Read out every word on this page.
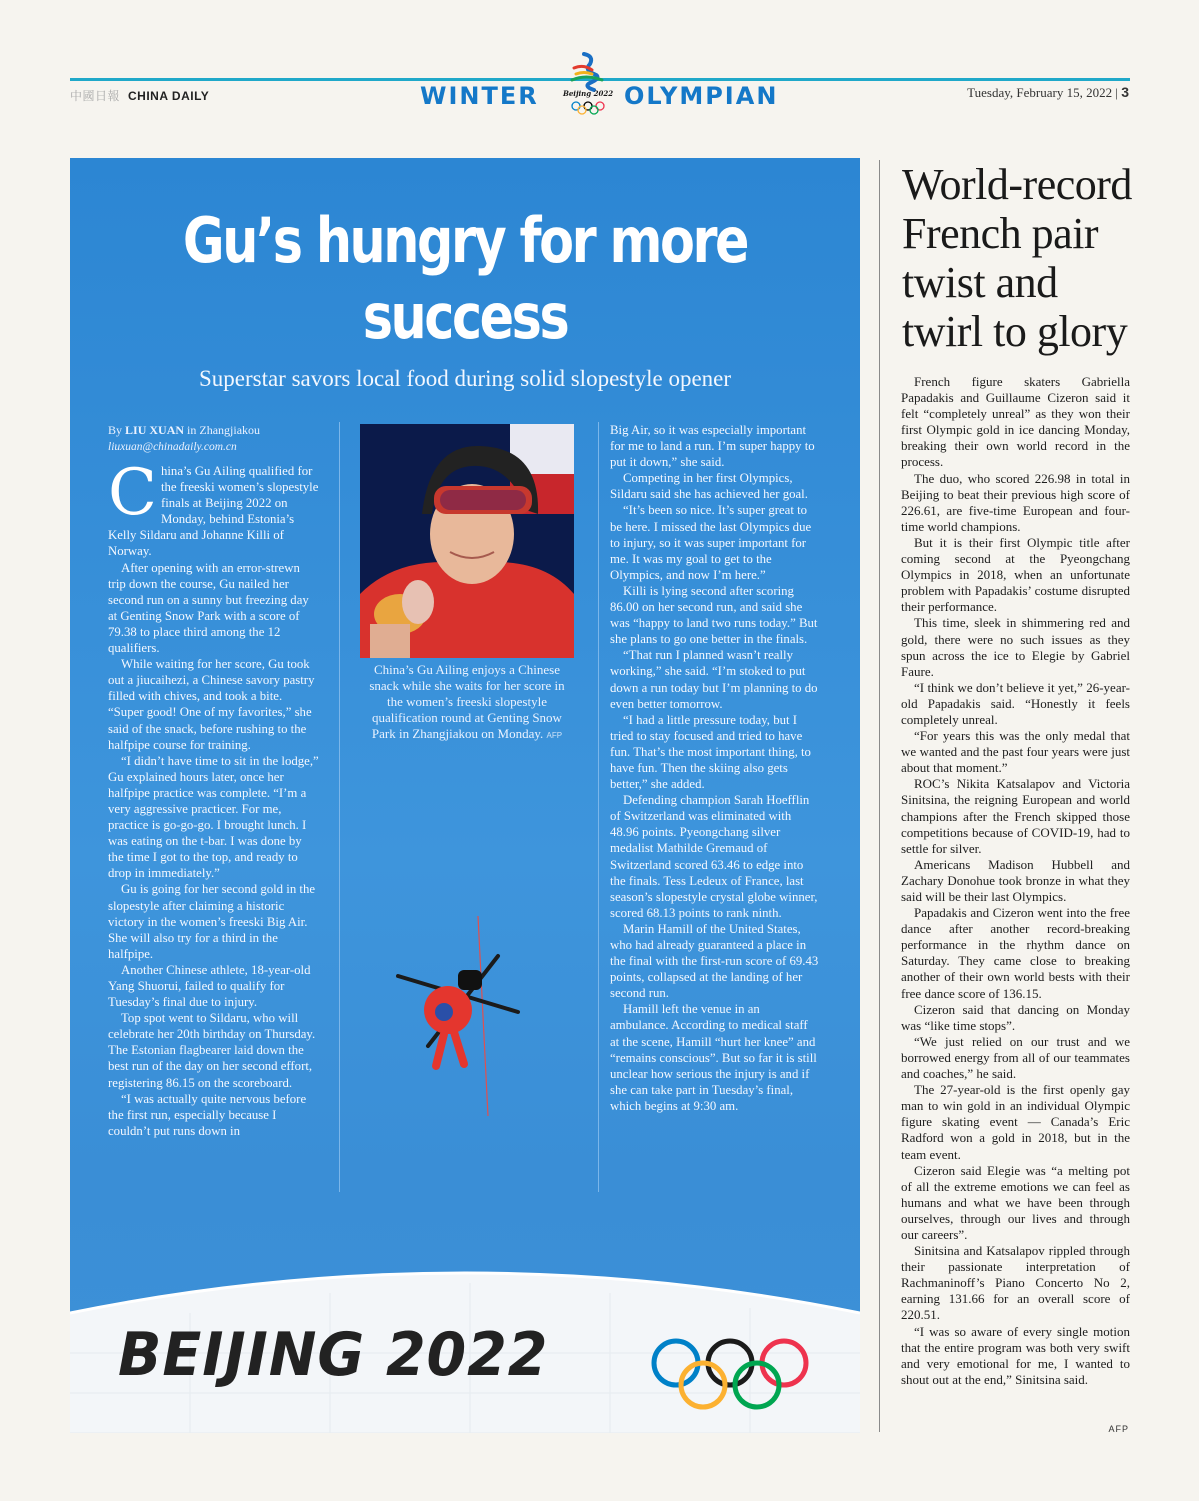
中國日報 CHINA DAILY	WINTER	Beijing 2022 OLYMPIAN	Tuesday, February 15, 2022 | 3
Gu’s hungry for more success
Superstar savors local food during solid slopestyle opener
By LIU XUAN in Zhangjiakou
liuxuan@chinadaily.com.cn

China’s Gu Ailing qualified for the freeski women’s slopestyle finals at Beijing 2022 on Monday, behind Estonia’s Kelly Sildaru and Johanne Killi of Norway.

After opening with an error-strewn trip down the course, Gu nailed her second run on a sunny but freezing day at Genting Snow Park with a score of 79.38 to place third among the 12 qualifiers.

While waiting for her score, Gu took out a jiucaihezi, a Chinese savory pastry filled with chives, and took a bite. “Super good! One of my favorites,” she said of the snack, before rushing to the halfpipe course for training.

“I didn’t have time to sit in the lodge,” Gu explained hours later, once her halfpipe practice was complete. “I’m a very aggressive practicer. For me, practice is go-go-go. I brought lunch. I was eating on the t-bar. I was done by the time I got to the top, and ready to drop in immediately.”

Gu is going for her second gold in the slopestyle after claiming a historic victory in the women’s freeski Big Air. She will also try for a third in the halfpipe.

Another Chinese athlete, 18-year-old Yang Shuorui, failed to qualify for Tuesday’s final due to injury.

Top spot went to Sildaru, who will celebrate her 20th birthday on Thursday. The Estonian flagbearer laid down the best run of the day on her second effort, registering 86.15 on the scoreboard.

“I was actually quite nervous before the first run, especially because I couldn’t put runs down in

China’s Gu Ailing enjoys a Chinese snack while she waits for her score in the women’s freeski slopestyle qualification round at Genting Snow Park in Zhangjiakou on Monday. AFP

Big Air, so it was especially important for me to land a run. I’m super happy to put it down,” she said.

Competing in her first Olympics, Sildaru said she has achieved her goal.

“It’s been so nice. It’s super great to be here. I missed the last Olympics due to injury, so it was super important for me. It was my goal to get to the Olympics, and now I’m here.”

Killi is lying second after scoring 86.00 on her second run, and said she was “happy to land two runs today.” But she plans to go one better in the finals.

“That run I planned wasn’t really working,” she said. “I’m stoked to put down a run today but I’m planning to do even better tomorrow.

“I had a little pressure today, but I tried to stay focused and tried to have fun. That’s the most important thing, to have fun. Then the skiing also gets better,” she added.

Defending champion Sarah Hoefflin of Switzerland was eliminated with 48.96 points. Pyeongchang silver medalist Mathilde Gremaud of Switzerland scored 63.46 to edge into the finals. Tess Ledeux of France, last season’s slopestyle crystal globe winner, scored 68.13 points to rank ninth.

Marin Hamill of the United States, who had already guaranteed a place in the final with the first-run score of 69.43 points, collapsed at the landing of her second run.

Hamill left the venue in an ambulance. According to medical staff at the scene, Hamill “hurt her knee” and “remains conscious”. But so far it is still unclear how serious the injury is and if she can take part in Tuesday’s final, which begins at 9:30 am.

BEIJING 2022
World-record French pair twist and twirl to glory

French figure skaters Gabriella Papadakis and Guillaume Cizeron said it felt “completely unreal” as they won their first Olympic gold in ice dancing Monday, breaking their own world record in the process.

The duo, who scored 226.98 in total in Beijing to beat their previous high score of 226.61, are five-time European and four-time world champions.

But it is their first Olympic title after coming second at the Pyeongchang Olympics in 2018, when an unfortunate problem with Papadakis’ costume disrupted their performance.

This time, sleek in shimmering red and gold, there were no such issues as they spun across the ice to Elegie by Gabriel Faure.

“I think we don’t believe it yet,” 26-year-old Papadakis said. “Honestly it feels completely unreal.

“For years this was the only medal that we wanted and the past four years were just about that moment.”

ROC’s Nikita Katsalapov and Victoria Sinitsina, the reigning European and world champions after the French skipped those competitions because of COVID-19, had to settle for silver.

Americans Madison Hubbell and Zachary Donohue took bronze in what they said will be their last Olympics.

Papadakis and Cizeron went into the free dance after another record-breaking performance in the rhythm dance on Saturday. They came close to breaking another of their own world bests with their free dance score of 136.15.

Cizeron said that dancing on Monday was “like time stops”.

“We just relied on our trust and we borrowed energy from all of our teammates and coaches,” he said.

The 27-year-old is the first openly gay man to win gold in an individual Olympic figure skating event — Canada’s Eric Radford won a gold in 2018, but in the team event.

Cizeron said Elegie was “a melting pot of all the extreme emotions we can feel as humans and what we have been through ourselves, through our lives and through our careers”.

Sinitsina and Katsalapov rippled through their passionate interpretation of Rachmaninoff’s Piano Concerto No 2, earning 131.66 for an overall score of 220.51.

“I was so aware of every single motion that the entire program was both very swift and very emotional for me, I wanted to shout out at the end,” Sinitsina said.

AFP
